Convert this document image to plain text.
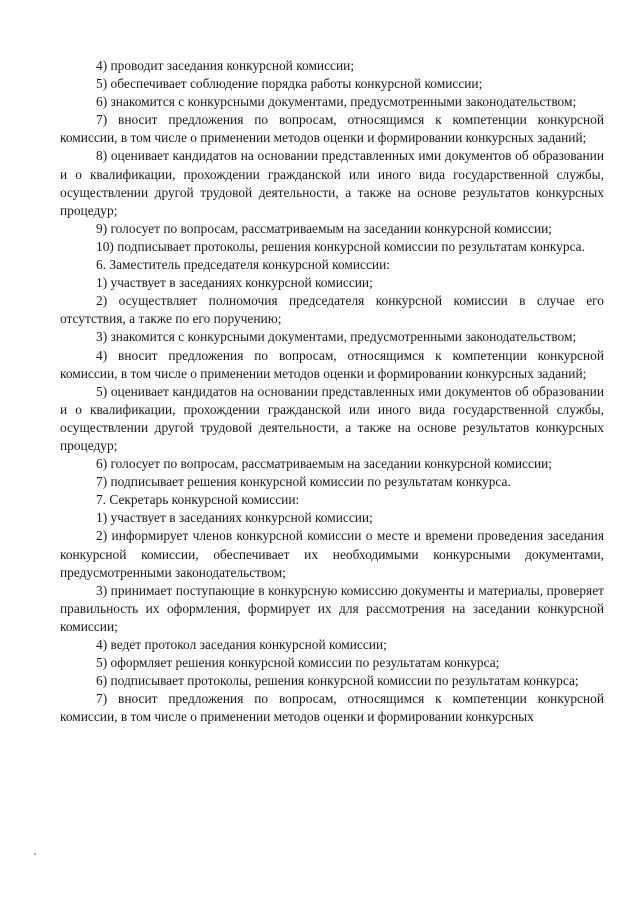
4) проводит заседания конкурсной комиссии;

5) обеспечивает соблюдение порядка работы конкурсной комиссии;

6) знакомится с конкурсными документами, предусмотренными законодательством;

7) вносит предложения по вопросам, относящимся к компетенции конкурсной комиссии, в том числе о применении методов оценки и формировании конкурсных заданий;

8) оценивает кандидатов на основании представленных ими документов об образовании и о квалификации, прохождении гражданской или иного вида государственной службы, осуществлении другой трудовой деятельности, а также на основе результатов конкурсных процедур;

9) голосует по вопросам, рассматриваемым на заседании конкурсной комиссии;

10) подписывает протоколы, решения конкурсной комиссии по результатам конкурса.

6. Заместитель председателя конкурсной комиссии:

1) участвует в заседаниях конкурсной комиссии;

2) осуществляет полномочия председателя конкурсной комиссии в случае его отсутствия, а также по его поручению;

3) знакомится с конкурсными документами, предусмотренными законодательством;

4) вносит предложения по вопросам, относящимся к компетенции конкурсной комиссии, в том числе о применении методов оценки и формировании конкурсных заданий;

5) оценивает кандидатов на основании представленных ими документов об образовании и о квалификации, прохождении гражданской или иного вида государственной службы, осуществлении другой трудовой деятельности, а также на основе результатов конкурсных процедур;

6) голосует по вопросам, рассматриваемым на заседании конкурсной комиссии;

7) подписывает решения конкурсной комиссии по результатам конкурса.

7. Секретарь конкурсной комиссии:

1) участвует в заседаниях конкурсной комиссии;

2) информирует членов конкурсной комиссии о месте и времени проведения заседания конкурсной комиссии, обеспечивает их необходимыми конкурсными документами, предусмотренными законодательством;

3) принимает поступающие в конкурсную комиссию документы и материалы, проверяет правильность их оформления, формирует их для рассмотрения на заседании конкурсной комиссии;

4) ведет протокол заседания конкурсной комиссии;

5) оформляет решения конкурсной комиссии по результатам конкурса;

6) подписывает протоколы, решения конкурсной комиссии по результатам конкурса;

7) вносит предложения по вопросам, относящимся к компетенции конкурсной комиссии, в том числе о применении методов оценки и формировании конкурсных
